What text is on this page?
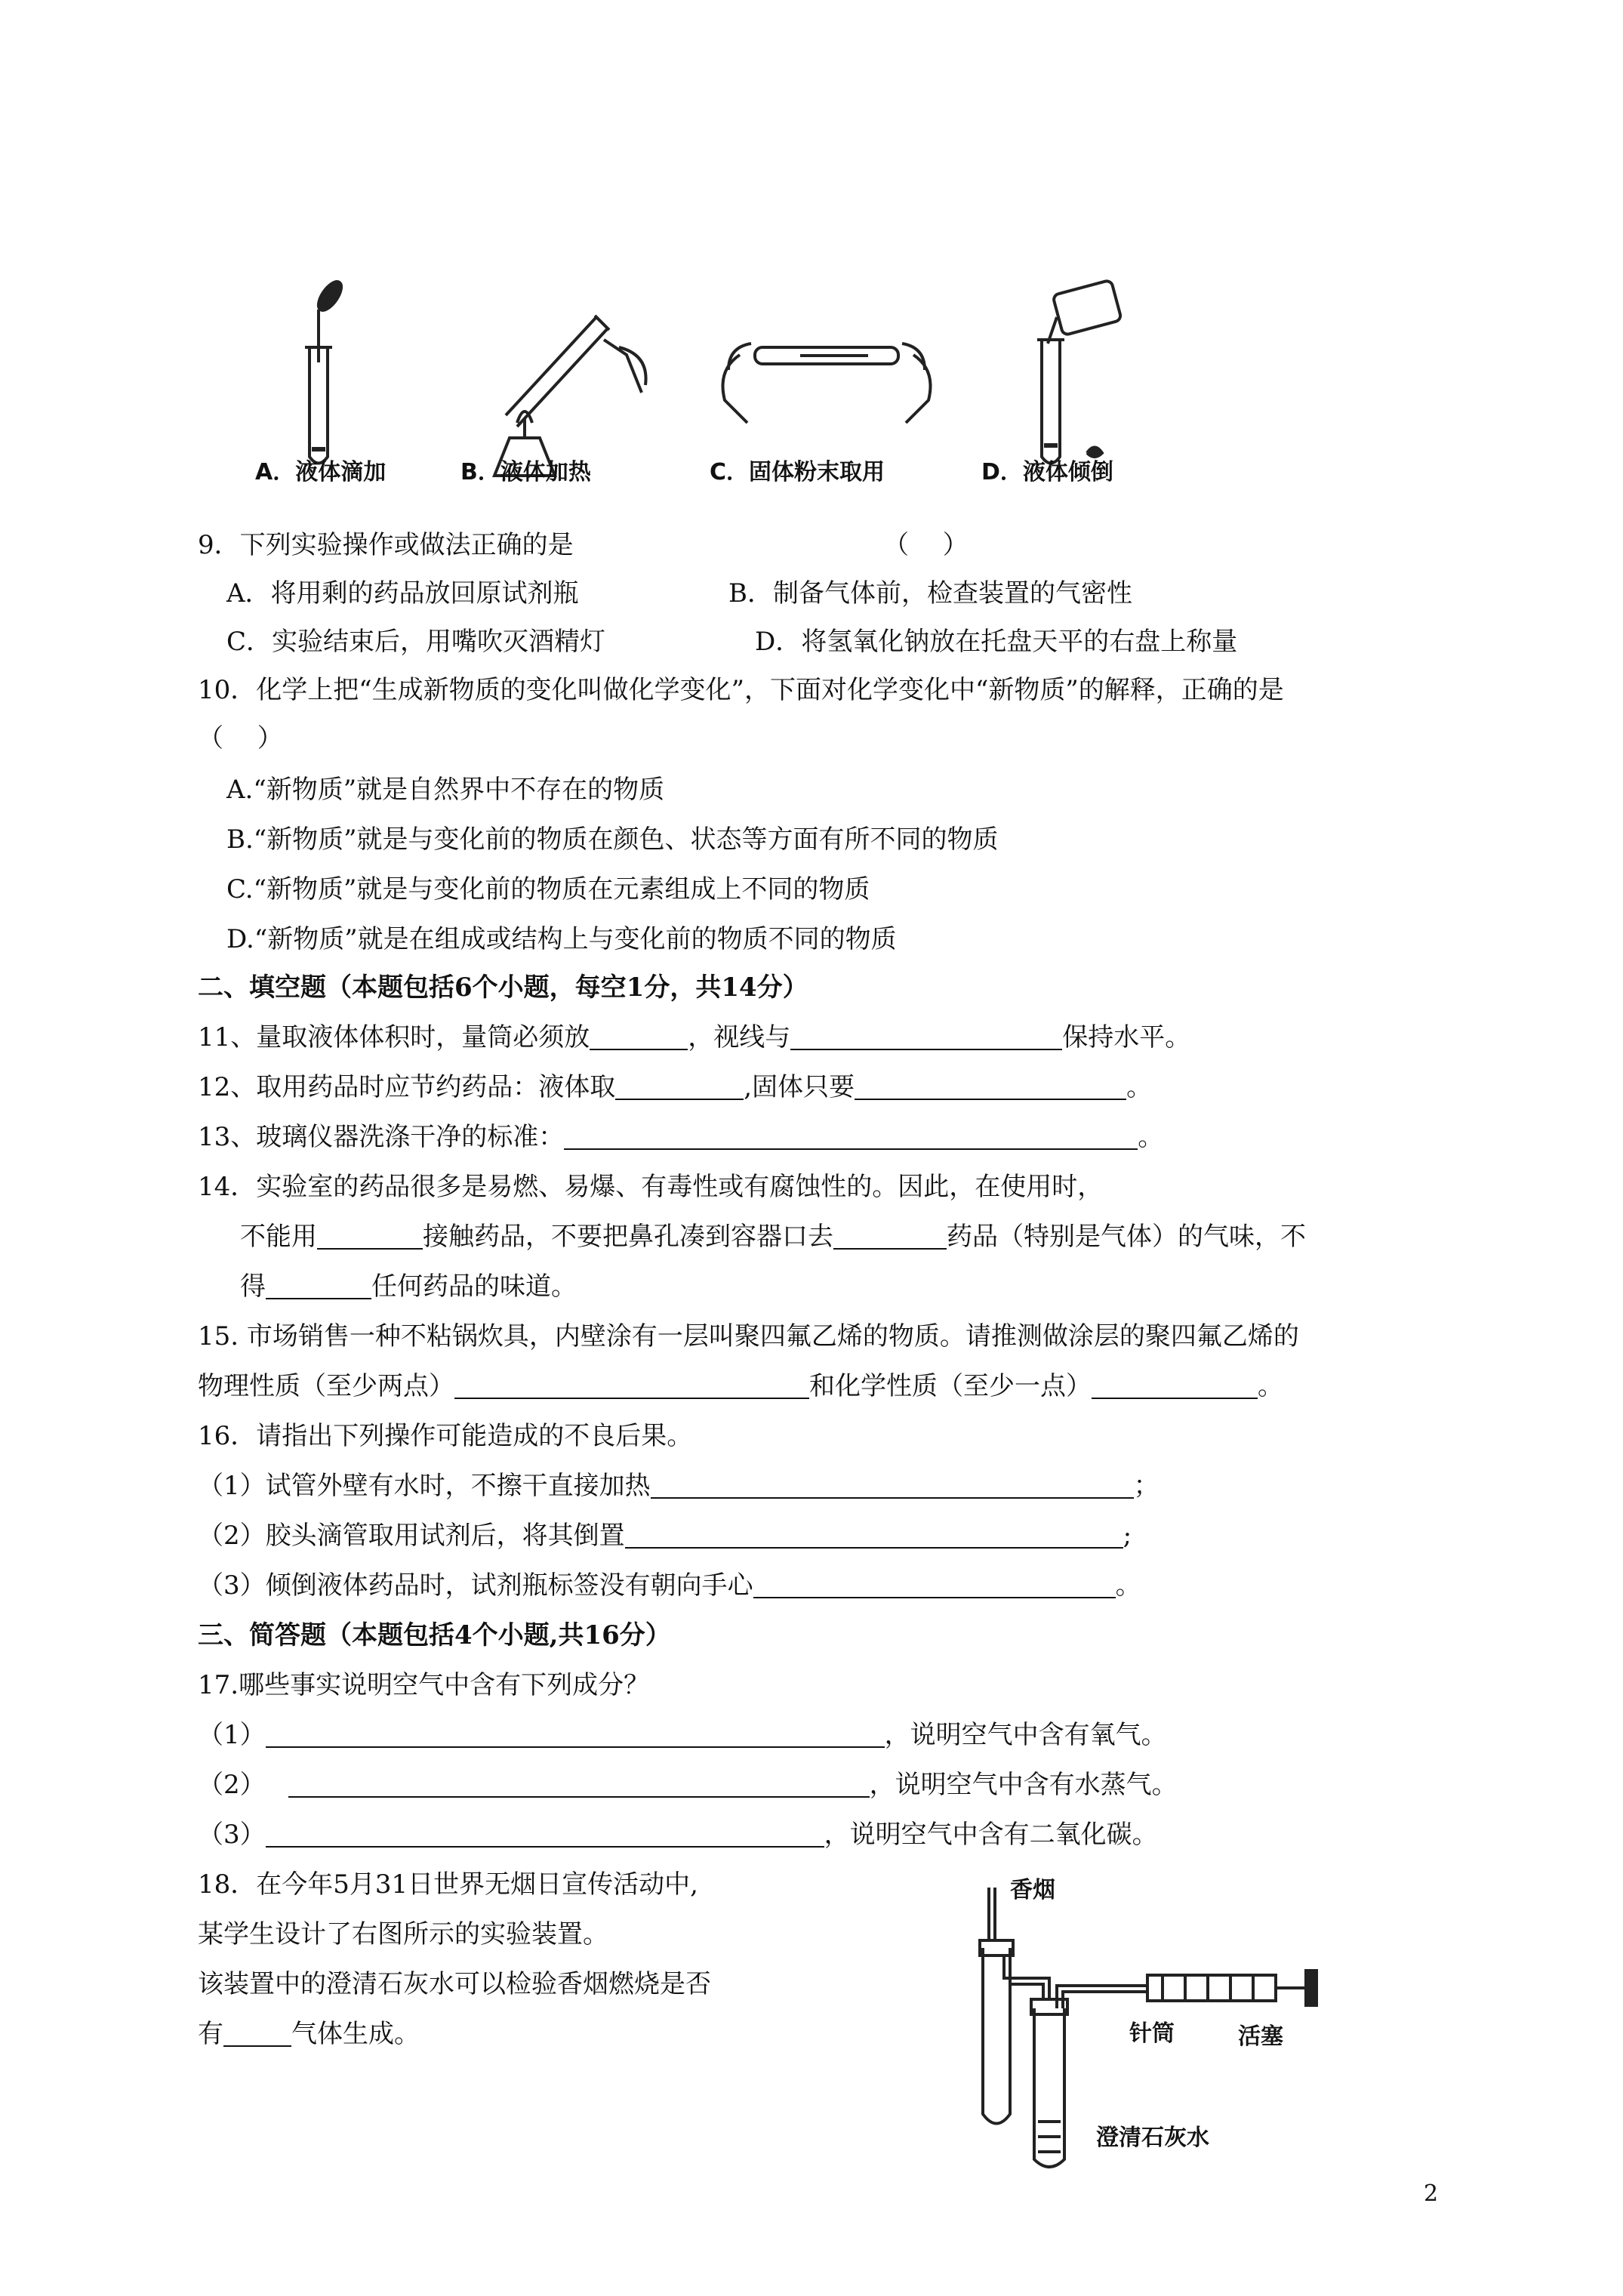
A．液体滴加	B．液体加热	C．固体粉末取用	D．液体倾倒
9．下列实验操作或做法正确的是	（　 ）
A．将用剩的药品放回原试剂瓶	B．制备气体前，检查装置的气密性
C．实验结束后，用嘴吹灭酒精灯	D．将氢氧化钠放在托盘天平的右盘上称量
10．化学上把“生成新物质的变化叫做化学变化”，下面对化学变化中“新物质”的解释，正确的是
（　 ）
A.“新物质”就是自然界中不存在的物质
B.“新物质”就是与变化前的物质在颜色、状态等方面有所不同的物质
C.“新物质”就是与变化前的物质在元素组成上不同的物质
D.“新物质”就是在组成或结构上与变化前的物质不同的物质
二、填空题（本题包括6个小题，每空1分，共14分）
11、量取液体体积时，量筒必须放	，视线与	保持水平。
12、取用药品时应节约药品：液体取	,固体只要	。
13、玻璃仪器洗涤干净的标准：	。
14．实验室的药品很多是易燃、易爆、有毒性或有腐蚀性的。因此，在使用时，
不能用	接触药品，不要把鼻孔凑到容器口去	药品（特别是气体）的气味，不
得	任何药品的味道。
15. 市场销售一种不粘锅炊具，内壁涂有一层叫聚四氟乙烯的物质。请推测做涂层的聚四氟乙烯的
物理性质（至少两点）	和化学性质（至少一点）	。
16．请指出下列操作可能造成的不良后果。
（1）试管外壁有水时，不擦干直接加热	；
（2）胶头滴管取用试剂后，将其倒置	;
（3）倾倒液体药品时，试剂瓶标签没有朝向手心	。
三、简答题（本题包括4个小题,共16分）
17.哪些事实说明空气中含有下列成分？
（1）	，说明空气中含有氧气。
（2）	，说明空气中含有水蒸气。
（3）	，说明空气中含有二氧化碳。
18．在今年5月31日世界无烟日宣传活动中,
某学生设计了右图所示的实验装置。
该装置中的澄清石灰水可以检验香烟燃烧是否
有	气体生成。
香烟
针筒	活塞
澄清石灰水
2
